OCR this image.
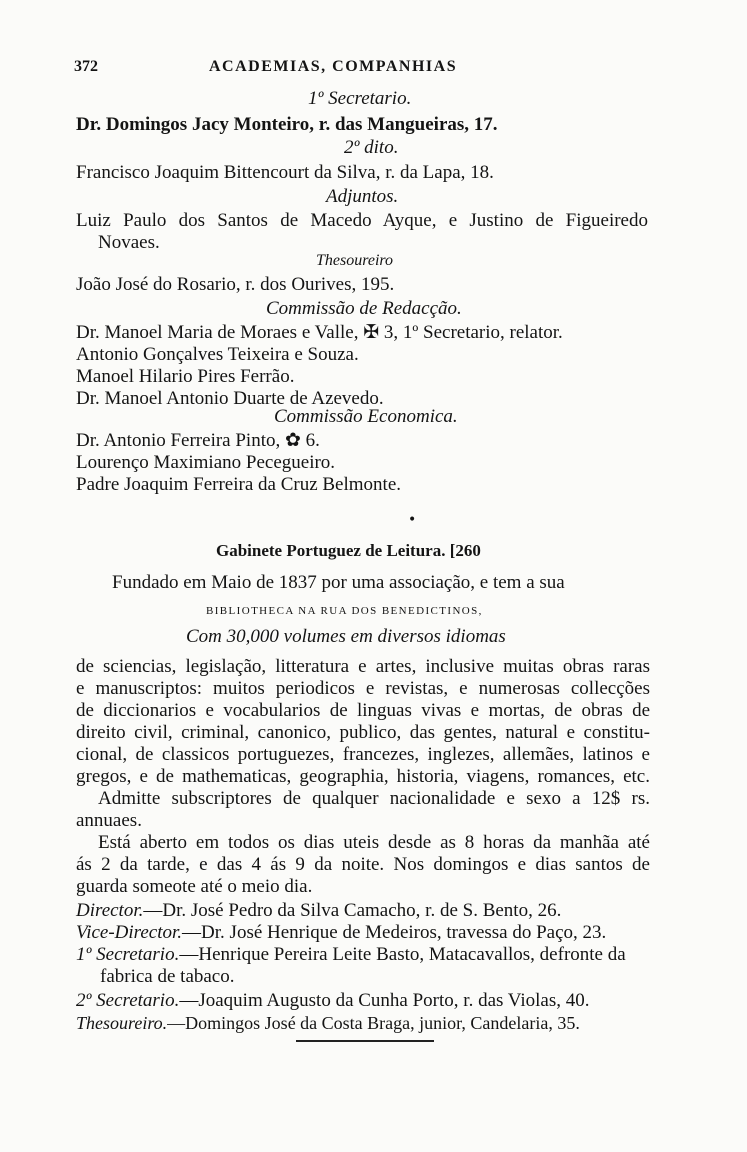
372	ACADEMIAS, COMPANHIAS
1º Secretario.
Dr. Domingos Jacy Monteiro, r. das Mangueiras, 17.
2º dito.
Francisco Joaquim Bittencourt da Silva, r. da Lapa, 18.
Adjuntos.
Luiz Paulo dos Santos de Macedo Ayque, e Justino de Figueiredo
Novaes.
Thesoureiro
João José do Rosario, r. dos Ourives, 195.
Commissão de Redacção.
Dr. Manoel Maria de Moraes e Valle, ✠ 3, 1º Secretario, relator.
Antonio Gonçalves Teixeira e Souza.
Manoel Hilario Pires Ferrão.
Dr. Manoel Antonio Duarte de Azevedo.
Commissão Economica.
Dr. Antonio Ferreira Pinto, ✿ 6.
Lourenço Maximiano Pecegueiro.
Padre Joaquim Ferreira da Cruz Belmonte.
•
Gabinete Portuguez de Leitura. [260
Fundado em Maio de 1837 por uma associação, e tem a sua
BIBLIOTHECA NA RUA DOS BENEDICTINOS,
Com 30,000 volumes em diversos idiomas
de sciencias, legislação, litteratura e artes, inclusive muitas obras raras
e manuscriptos: muitos periodicos e revistas, e numerosas collecções
de diccionarios e vocabularios de linguas vivas e mortas, de obras de
direito civil, criminal, canonico, publico, das gentes, natural e constitu-
cional, de classicos portuguezes, francezes, inglezes, allemães, latinos e
gregos, e de mathematicas, geographia, historia, viagens, romances, etc.
Admitte subscriptores de qualquer nacionalidade e sexo a 12$ rs.
annuaes.
Está aberto em todos os dias uteis desde as 8 horas da manhãa até
ás 2 da tarde, e das 4 ás 9 da noite. Nos domingos e dias santos de
guarda someote até o meio dia.
Director.—Dr. José Pedro da Silva Camacho, r. de S. Bento, 26.
Vice-Director.—Dr. José Henrique de Medeiros, travessa do Paço, 23.
1º Secretario.—Henrique Pereira Leite Basto, Matacavallos, defronte da
fabrica de tabaco.
2º Secretario.—Joaquim Augusto da Cunha Porto, r. das Violas, 40.
Thesoureiro.—Domingos José da Costa Braga, junior, Candelaria, 35.
